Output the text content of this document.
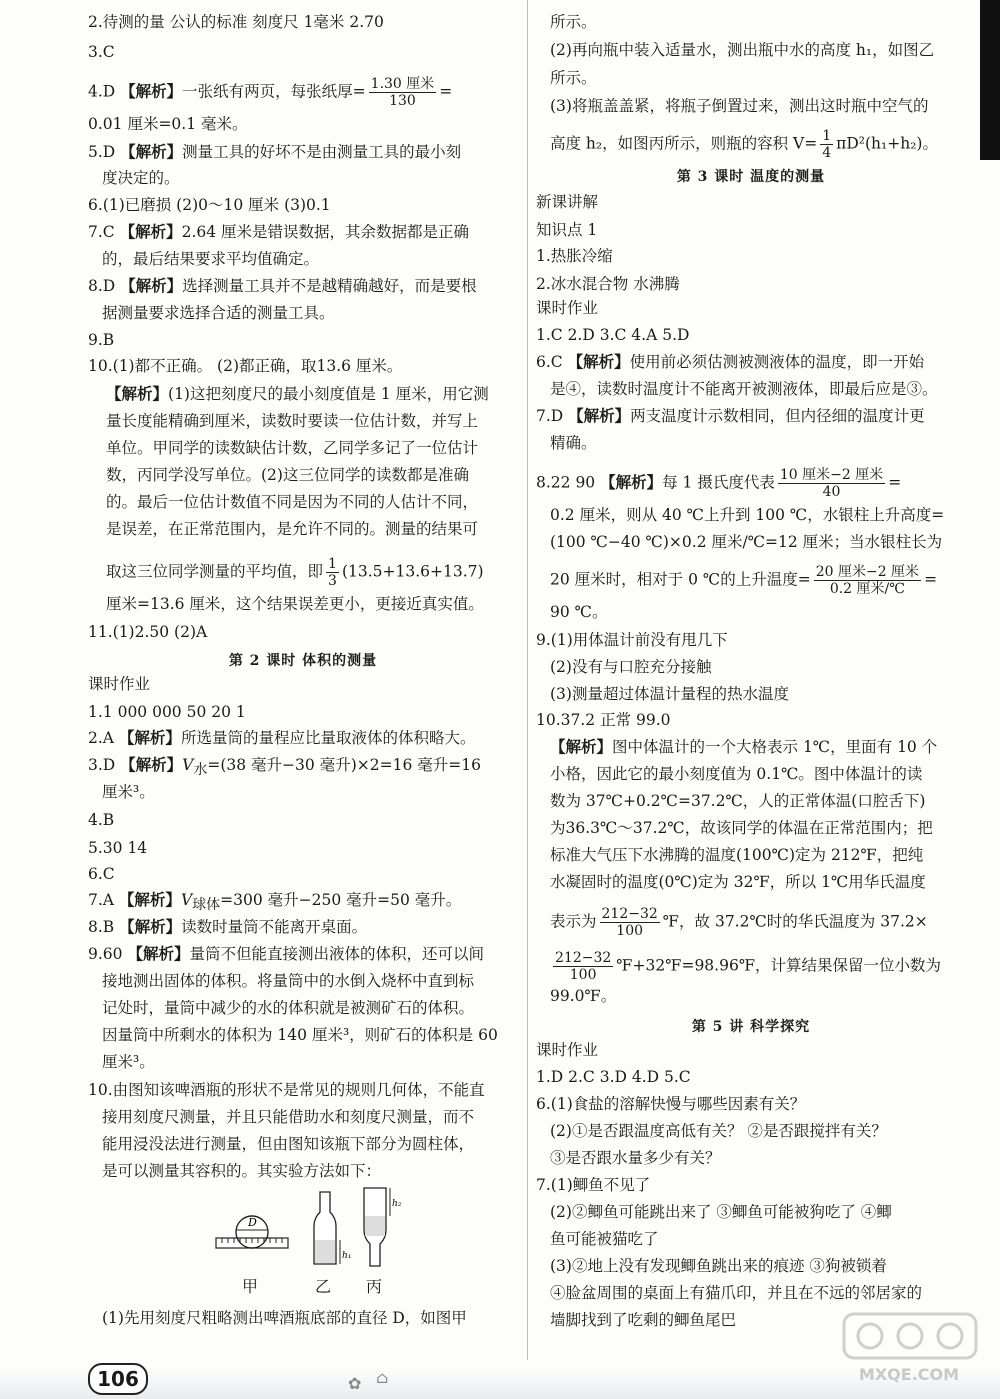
2.待测的量 公认的标准 刻度尺 1毫米 2.70
3.C
4.D 【解析】一张纸有两页，每张纸厚= $\frac{\text{1.30 厘米}}{130}$ =
0.01 厘米=0.1 毫米。
5.D 【解析】测量工具的好坏不是由测量工具的最小刻
度决定的。
6.(1)已磨损 (2)0～10 厘米 (3)0.1
7.C 【解析】2.64 厘米是错误数据，其余数据都是正确
的，最后结果要求平均值确定。
8.D 【解析】选择测量工具并不是越精确越好，而是要根
据测量要求选择合适的测量工具。
9.B
10.(1)都不正确。 (2)都正确，取13.6 厘米。
【解析】(1)这把刻度尺的最小刻度值是 1 厘米，用它测
量长度能精确到厘米，读数时要读一位估计数，并写上
单位。甲同学的读数缺估计数，乙同学多记了一位估计
数，丙同学没写单位。(2)这三位同学的读数都是准确
的。最后一位估计数值不同是因为不同的人估计不同，
是误差，在正常范围内，是允许不同的。测量的结果可
取这三位同学测量的平均值，即 $\frac{1}{3} (13.5+13.6+13.7)$
厘米=13.6 厘米，这个结果误差更小，更接近真实值。
11.(1)2.50 (2)A
第 2 课时 体积的测量
课时作业
1.1 000 000 50 20 1
2.A 【解析】所选量筒的量程应比量取液体的体积略大。
3.D 【解析】$V_水=(38$ 毫升−30 毫升)×2=16 毫升=16
厘米³。
4.B
5.30 14
6.C
7.A 【解析】$V_{球体}=300$ 毫升−250 毫升=50 毫升。
8.B 【解析】读数时量筒不能离开桌面。
9.60 【解析】量筒不但能直接测出液体的体积，还可以间
接地测出固体的体积。将量筒中的水倒入烧杯中直到标
记处时，量筒中减少的水的体积就是被测矿石的体积。
因量筒中所剩水的体积为 140 厘米³，则矿石的体积是 60
厘米³。
10.由图知该啤酒瓶的形状不是常见的规则几何体，不能直
接用刻度尺测量，并且只能借助水和刻度尺测量，而不
能用浸没法进行测量，但由图知该瓶下部分为圆柱体，
是可以测量其容积的。其实验方法如下：
(1)先用刻度尺粗略测出啤酒瓶底部的直径 D，如图甲
D
h₁
h₂
甲	乙 丙
所示。
(2)再向瓶中装入适量水，测出瓶中水的高度 h₁，如图乙
所示。
(3)将瓶盖盖紧，将瓶子倒置过来，测出这时瓶中空气的
高度 h₂，如图丙所示，则瓶的容积 $V= \frac{1}{4} \pi D^2(h_1+h_2)$。
第 3 课时 温度的测量
新课讲解
知识点 1
1.热胀冷缩
2.冰水混合物 水沸腾
课时作业
1.C 2.D 3.C 4.A 5.D
6.C 【解析】使用前必须估测被测液体的温度，即一开始
是④，读数时温度计不能离开被测液体，即最后应是③。
7.D 【解析】两支温度计示数相同，但内径细的温度计更
精确。
8.22 90 【解析】每 1 摄氏度代表 $\frac{\text{10 厘米−2 厘米}}{40}$ =
0.2 厘米，则从 40 ℃上升到 100 ℃，水银柱上升高度=
(100 ℃−40 ℃)×0.2 厘米/℃=12 厘米；当水银柱长为
20 厘米时，相对于 0 ℃的上升温度= $\frac{\text{20 厘米−2 厘米}}{\text{0.2 厘米/℃}}$ =
90 ℃。
9.(1)用体温计前没有甩几下
(2)没有与口腔充分接触
(3)测量超过体温计量程的热水温度
10.37.2 正常 99.0
【解析】图中体温计的一个大格表示 1℃，里面有 10 个
小格，因此它的最小刻度值为 0.1℃。图中体温计的读
数为 37℃+0.2℃=37.2℃，人的正常体温(口腔舌下)
为36.3℃～37.2℃，故该同学的体温在正常范围内；把
标准大气压下水沸腾的温度(100℃)定为 212℉，把纯
水凝固时的温度(0℃)定为 32℉，所以 1℃用华氏温度
表示为 $\frac{212-32}{100}$ ℉，故 37.2℃时的华氏温度为 37.2×
$\frac{212-32}{100}$ ℉+32℉=98.96℉，计算结果保留一位小数为
99.0℉。
第 5 讲 科学探究
课时作业
1.D 2.C 3.D 4.D 5.C
6.(1)食盐的溶解快慢与哪些因素有关？
(2)①是否跟温度高低有关？ ②是否跟搅拌有关？
③是否跟水量多少有关？
7.(1)鲫鱼不见了
(2)②鲫鱼可能跳出来了 ③鲫鱼可能被狗吃了 ④鲫
鱼可能被猫吃了
(3)②地上没有发现鲫鱼跳出来的痕迹 ③狗被锁着
④脸盆周围的桌面上有猫爪印，并且在不远的邻居家的
墙脚找到了吃剩的鲫鱼尾巴
106	✿ ⌂	MXQE.COM
